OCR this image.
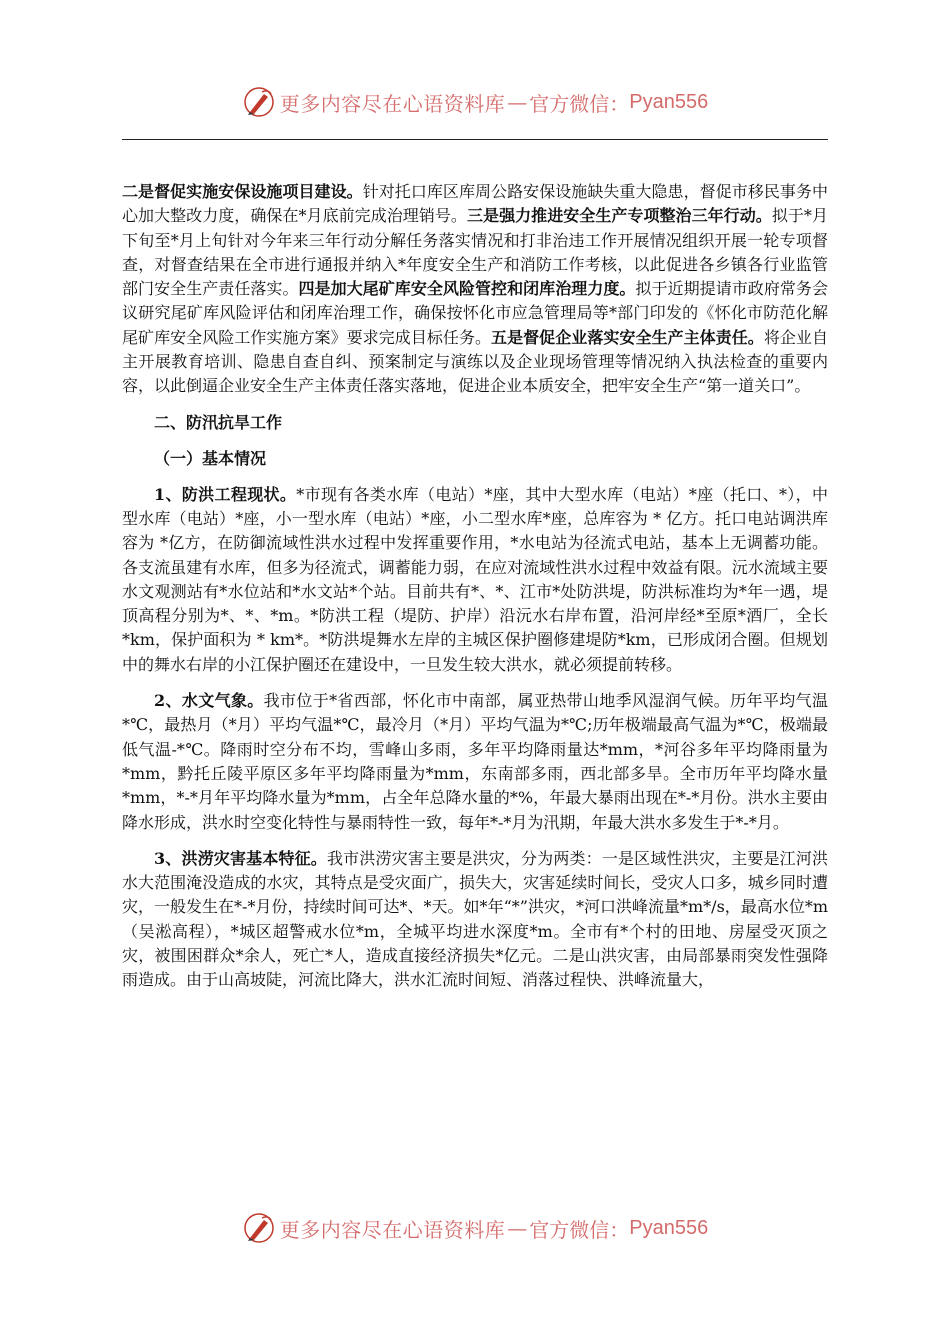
更多内容尽在心语资料库 — 官方微信： Pyan556

二是督促实施安保设施项目建设。针对托口库区库周公路安保设施缺失重大隐患，督促市移民事务中心加大整改力度，确保在*月底前完成治理销号。三是强力推进安全生产专项整治三年行动。拟于*月下旬至*月上旬针对今年来三年行动分解任务落实情况和打非治违工作开展情况组织开展一轮专项督查，对督查结果在全市进行通报并纳入*年度安全生产和消防工作考核，以此促进各乡镇各行业监管部门安全生产责任落实。四是加大尾矿库安全风险管控和闭库治理力度。拟于近期提请市政府常务会议研究尾矿库风险评估和闭库治理工作，确保按怀化市应急管理局等*部门印发的《怀化市防范化解尾矿库安全风险工作实施方案》要求完成目标任务。五是督促企业落实安全生产主体责任。将企业自主开展教育培训、隐患自查自纠、预案制定与演练以及企业现场管理等情况纳入执法检查的重要内容，以此倒逼企业安全生产主体责任落实落地，促进企业本质安全，把牢安全生产“第一道关口”。

二、防汛抗旱工作

（一）基本情况

1、防洪工程现状。*市现有各类水库（电站）*座，其中大型水库（电站）*座（托口、*），中型水库（电站）*座，小一型水库（电站）*座，小二型水库*座，总库容为 * 亿方。托口电站调洪库容为 *亿方，在防御流域性洪水过程中发挥重要作用，*水电站为径流式电站，基本上无调蓄功能。各支流虽建有水库，但多为径流式，调蓄能力弱，在应对流域性洪水过程中效益有限。沅水流域主要水文观测站有*水位站和*水文站*个站。目前共有*、*、江市*处防洪堤，防洪标准均为*年一遇，堤顶高程分别为*、*、*m。*防洪工程（堤防、护岸）沿沅水右岸布置，沿河岸经*至原*酒厂，全长*km，保护面积为 * km*。*防洪堤舞水左岸的主城区保护圈修建堤防*km，已形成闭合圈。但规划中的舞水右岸的小江保护圈还在建设中，一旦发生较大洪水，就必须提前转移。

2、水文气象。我市位于*省西部，怀化市中南部，属亚热带山地季风湿润气候。历年平均气温*℃，最热月（*月）平均气温*℃，最冷月（*月）平均气温为*℃;历年极端最高气温为*℃，极端最低气温-*℃。降雨时空分布不均，雪峰山多雨，多年平均降雨量达*mm，*河谷多年平均降雨量为*mm，黔托丘陵平原区多年平均降雨量为*mm，东南部多雨，西北部多旱。全市历年平均降水量*mm，*-*月年平均降水量为*mm，占全年总降水量的*%，年最大暴雨出现在*-*月份。洪水主要由降水形成，洪水时空变化特性与暴雨特性一致，每年*-*月为汛期，年最大洪水多发生于*-*月。

3、洪涝灾害基本特征。我市洪涝灾害主要是洪灾，分为两类：一是区域性洪灾，主要是江河洪水大范围淹没造成的水灾，其特点是受灾面广，损失大，灾害延续时间长，受灾人口多，城乡同时遭灾，一般发生在*-*月份，持续时间可达*、*天。如*年“*”洪灾，*河口洪峰流量*m*/s，最高水位*m（吴淞高程），*城区超警戒水位*m，全城平均进水深度*m。全市有*个村的田地、房屋受灭顶之灾，被围困群众*余人，死亡*人，造成直接经济损失*亿元。二是山洪灾害，由局部暴雨突发性强降雨造成。由于山高坡陡，河流比降大，洪水汇流时间短、消落过程快、洪峰流量大，

更多内容尽在心语资料库 — 官方微信： Pyan556
